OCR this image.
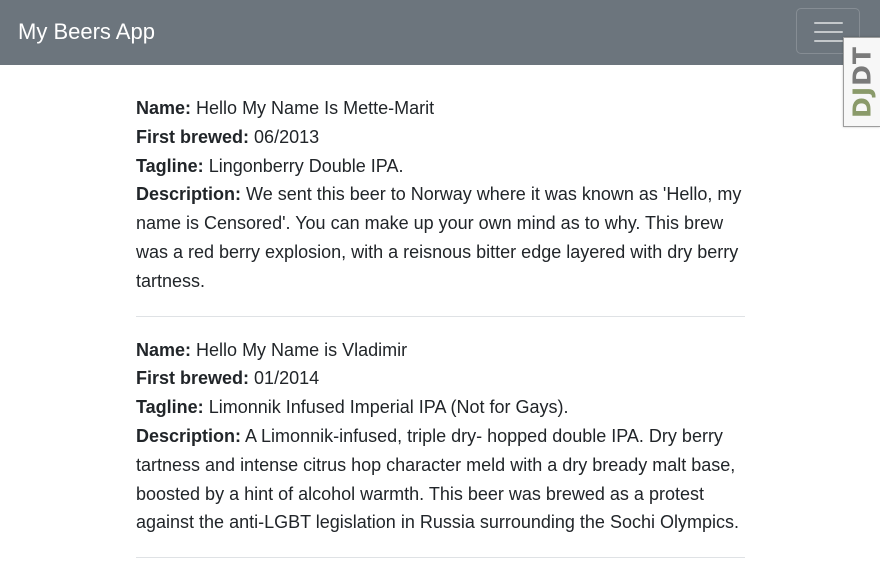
My Beers App
DJDT

Name: Hello My Name Is Mette-Marit

First brewed: 06/2013

Tagline: Lingonberry Double IPA.

Description: We sent this beer to Norway where it was known as 'Hello, my name is Censored'. You can make up your own mind as to why. This brew was a red berry explosion, with a reisnous bitter edge layered with dry berry tartness.

Name: Hello My Name is Vladimir

First brewed: 01/2014

Tagline: Limonnik Infused Imperial IPA (Not for Gays).

Description: A Limonnik-infused, triple dry- hopped double IPA. Dry berry tartness and intense citrus hop character meld with a dry bready malt base, boosted by a hint of alcohol warmth. This beer was brewed as a protest against the anti-LGBT legislation in Russia surrounding the Sochi Olympics.
